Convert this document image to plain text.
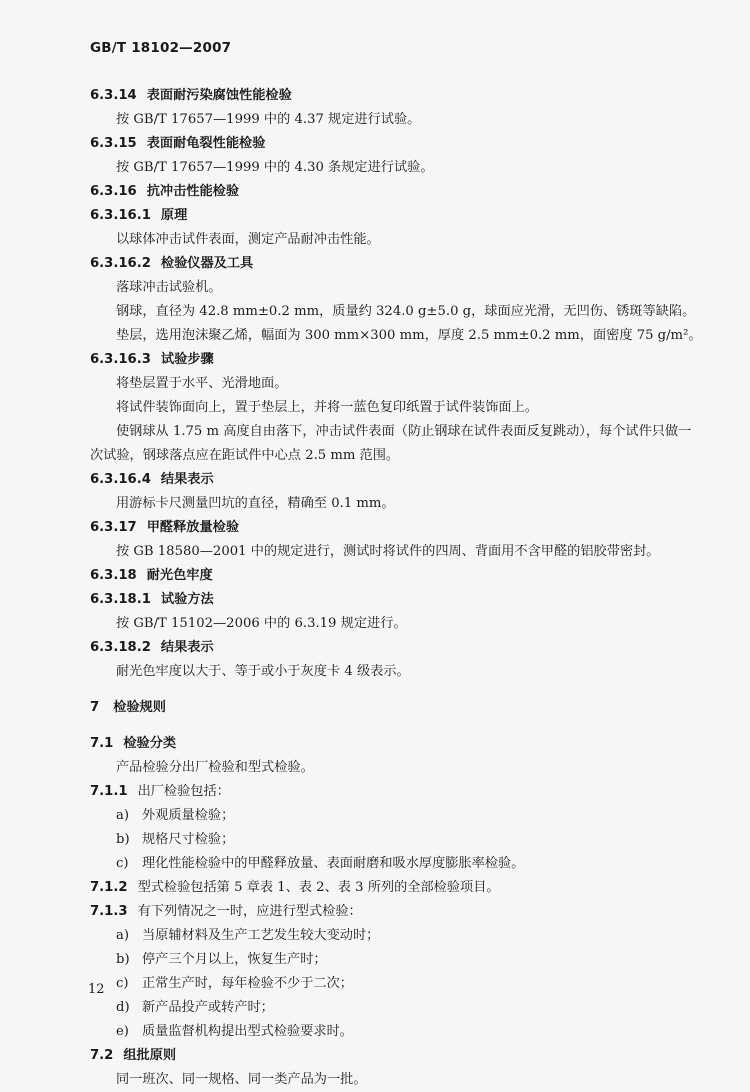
GB/T 18102—2007
6.3.14 表面耐污染腐蚀性能检验
按 GB/T 17657—1999 中的 4.37 规定进行试验。
6.3.15 表面耐龟裂性能检验
按 GB/T 17657—1999 中的 4.30 条规定进行试验。
6.3.16 抗冲击性能检验
6.3.16.1 原理
以球体冲击试件表面，测定产品耐冲击性能。
6.3.16.2 检验仪器及工具
落球冲击试验机。
钢球，直径为 42.8 mm±0.2 mm，质量约 324.0 g±5.0 g，球面应光滑，无凹伤、锈斑等缺陷。
垫层，选用泡沫聚乙烯，幅面为 300 mm×300 mm，厚度 2.5 mm±0.2 mm，面密度 75 g/m²。
6.3.16.3 试验步骤
将垫层置于水平、光滑地面。
将试件装饰面向上，置于垫层上，并将一蓝色复印纸置于试件装饰面上。
使钢球从 1.75 m 高度自由落下，冲击试件表面（防止钢球在试件表面反复跳动），每个试件只做一
次试验，钢球落点应在距试件中心点 2.5 mm 范围。
6.3.16.4 结果表示
用游标卡尺测量凹坑的直径，精确至 0.1 mm。
6.3.17 甲醛释放量检验
按 GB 18580—2001 中的规定进行，测试时将试件的四周、背面用不含甲醛的铝胶带密封。
6.3.18 耐光色牢度
6.3.18.1 试验方法
按 GB/T 15102—2006 中的 6.3.19 规定进行。
6.3.18.2 结果表示
耐光色牢度以大于、等于或小于灰度卡 4 级表示。
7 检验规则
7.1 检验分类
产品检验分出厂检验和型式检验。
7.1.1 出厂检验包括：
a) 外观质量检验；
b) 规格尺寸检验；
c) 理化性能检验中的甲醛释放量、表面耐磨和吸水厚度膨胀率检验。
7.1.2 型式检验包括第 5 章表 1、表 2、表 3 所列的全部检验项目。
7.1.3 有下列情况之一时，应进行型式检验：
a) 当原辅材料及生产工艺发生较大变动时；
b) 停产三个月以上，恢复生产时；
c) 正常生产时，每年检验不少于二次；
d) 新产品投产或转产时；
e) 质量监督机构提出型式检验要求时。
7.2 组批原则
同一班次、同一规格、同一类产品为一批。
12
